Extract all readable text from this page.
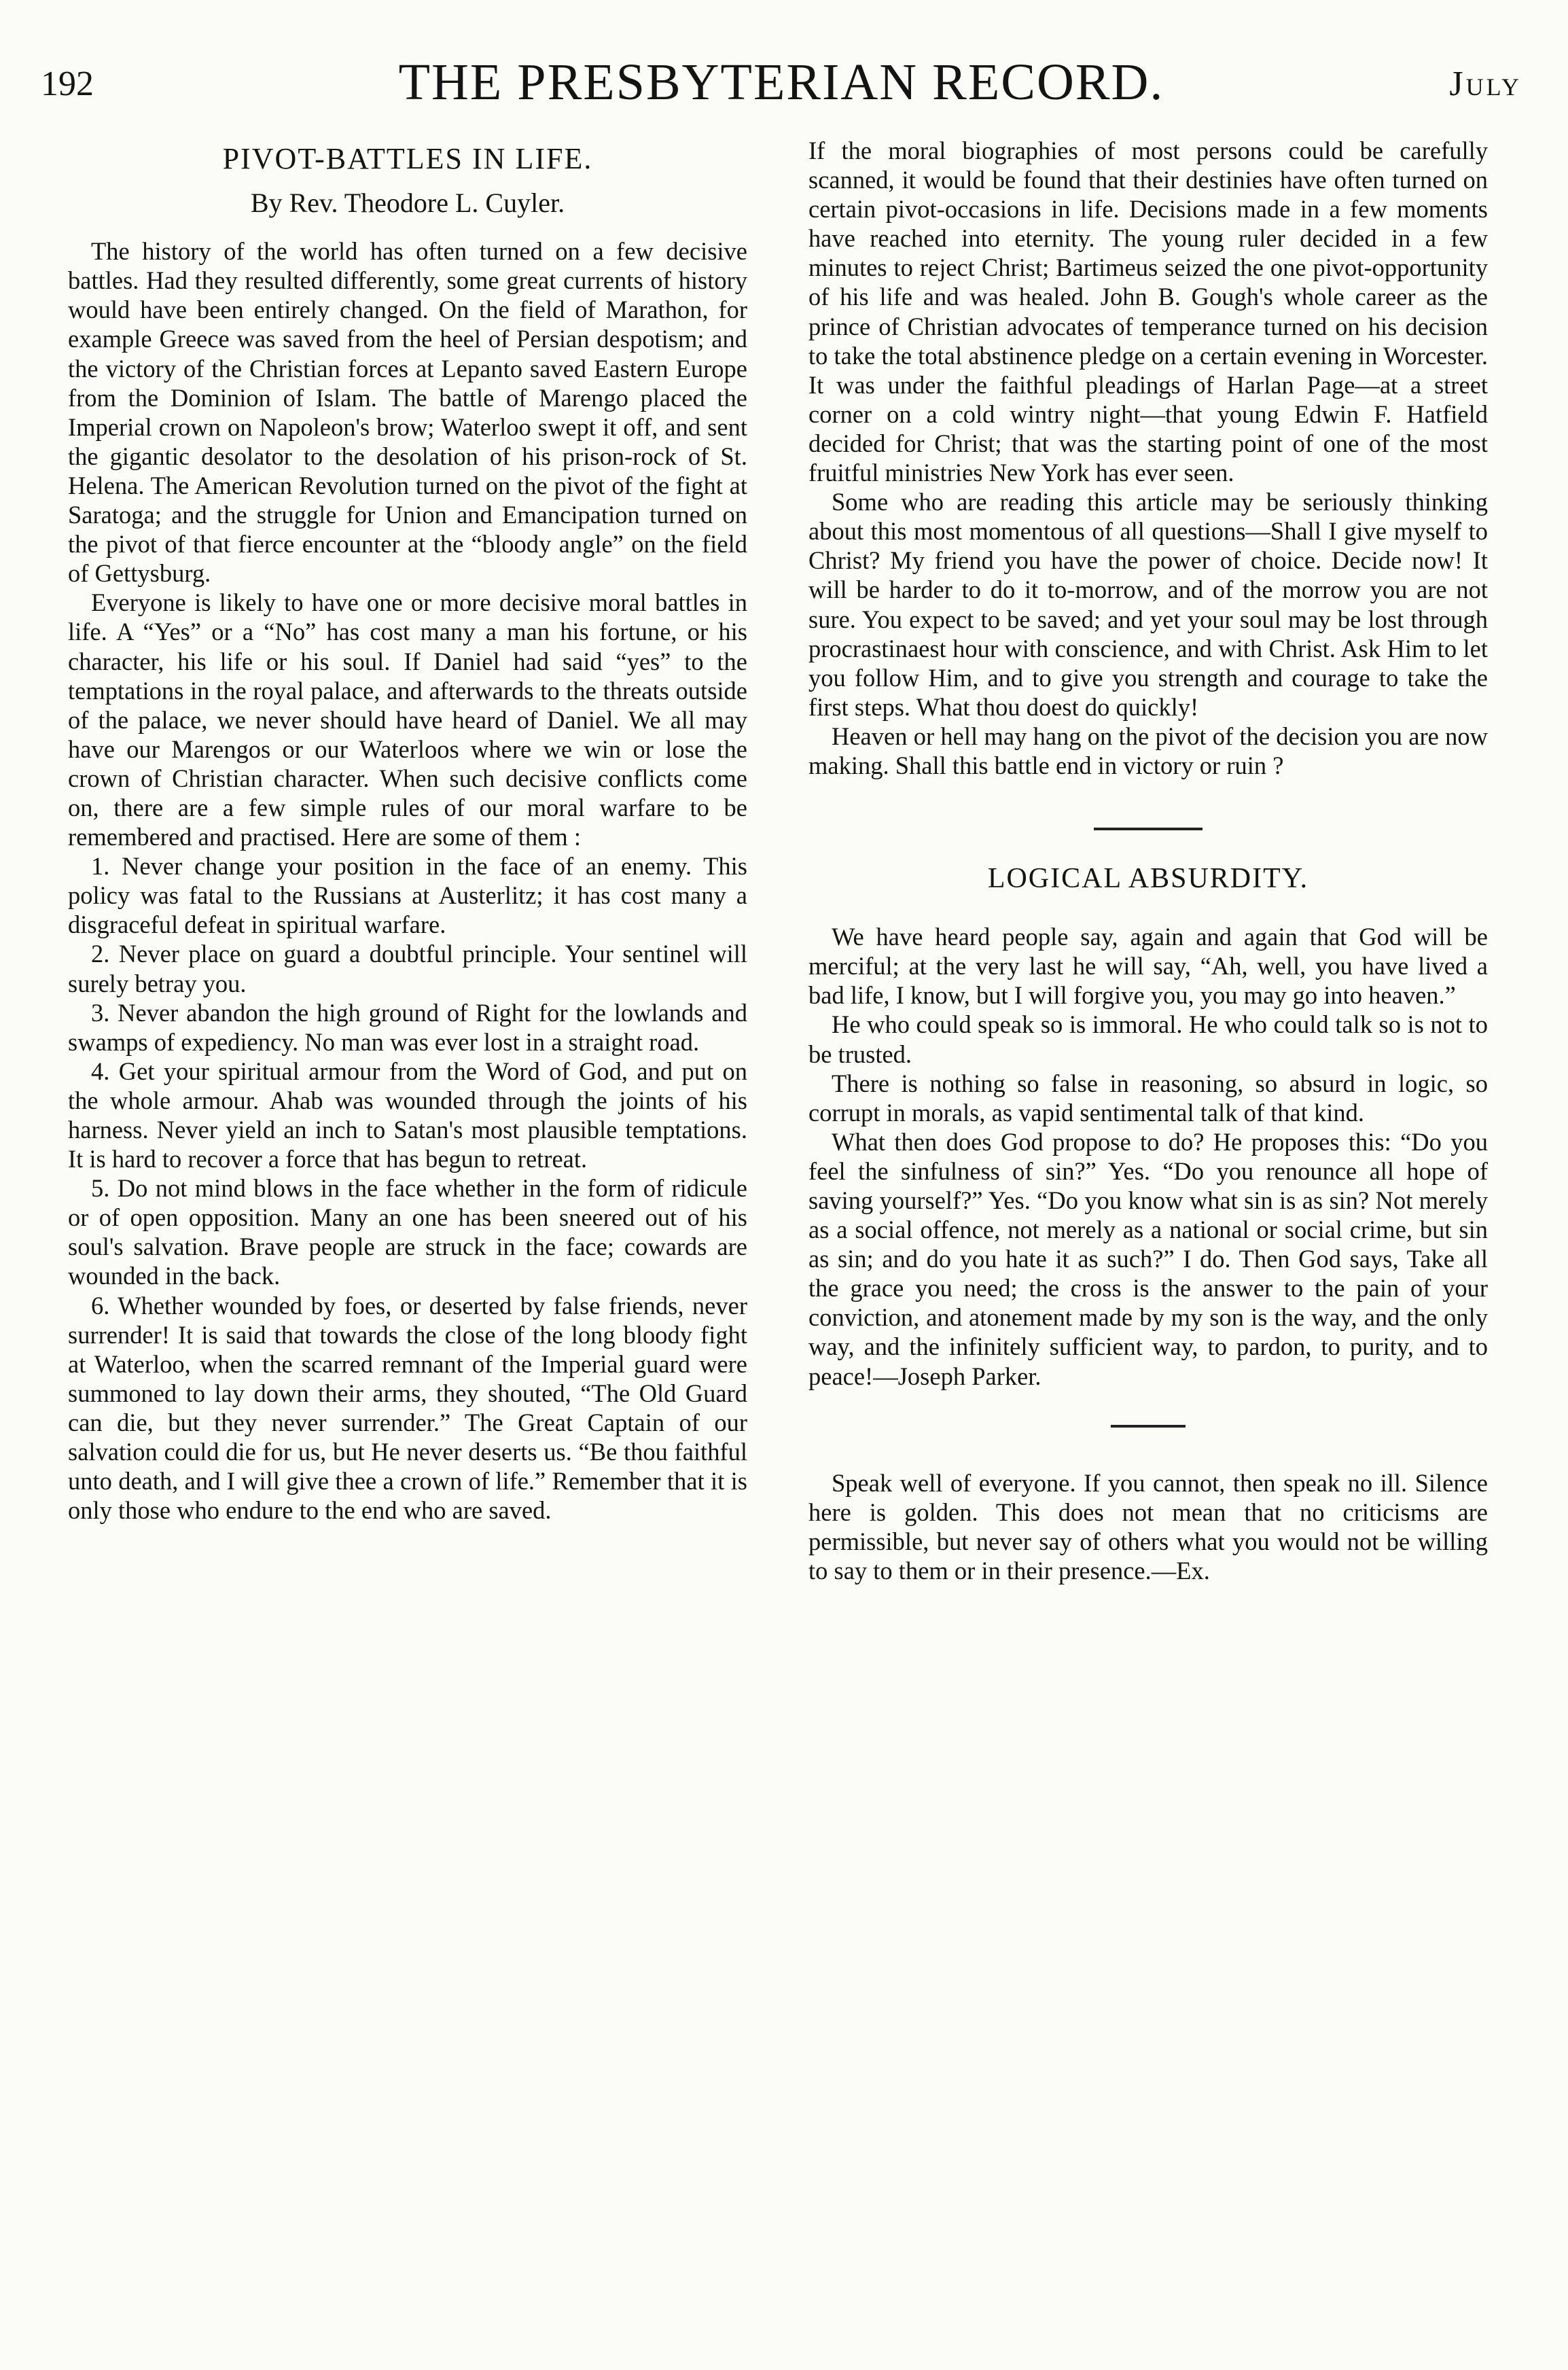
192	THE PRESBYTERIAN RECORD.	July
PIVOT-BATTLES IN LIFE.
By Rev. Theodore L. Cuyler.

The history of the world has often turned on a few decisive battles. Had they resulted differently, some great currents of history would have been entirely changed. On the field of Marathon, for example Greece was saved from the heel of Persian despotism; and the victory of the Christian forces at Lepanto saved Eastern Europe from the Dominion of Islam. The battle of Marengo placed the Imperial crown on Napoleon's brow; Waterloo swept it off, and sent the gigantic desolator to the desolation of his prison-rock of St. Helena. The American Revolution turned on the pivot of the fight at Saratoga; and the struggle for Union and Emancipation turned on the pivot of that fierce encounter at the “bloody angle” on the field of Gettysburg.

Everyone is likely to have one or more decisive moral battles in life. A “Yes” or a “No” has cost many a man his fortune, or his character, his life or his soul. If Daniel had said “yes” to the temptations in the royal palace, and afterwards to the threats outside of the palace, we never should have heard of Daniel. We all may have our Marengos or our Waterloos where we win or lose the crown of Christian character. When such decisive conflicts come on, there are a few simple rules of our moral warfare to be remembered and practised. Here are some of them :

1. Never change your position in the face of an enemy. This policy was fatal to the Russians at Austerlitz; it has cost many a disgraceful defeat in spiritual warfare.

2. Never place on guard a doubtful principle. Your sentinel will surely betray you.

3. Never abandon the high ground of Right for the lowlands and swamps of expediency. No man was ever lost in a straight road.

4. Get your spiritual armour from the Word of God, and put on the whole armour. Ahab was wounded through the joints of his harness. Never yield an inch to Satan's most plausible temptations. It is hard to recover a force that has begun to retreat.

5. Do not mind blows in the face whether in the form of ridicule or of open opposition. Many an one has been sneered out of his soul's salvation. Brave people are struck in the face; cowards are wounded in the back.

6. Whether wounded by foes, or deserted by false friends, never surrender! It is said that towards the close of the long bloody fight at Waterloo, when the scarred remnant of the Imperial guard were summoned to lay down their arms, they shouted, “The Old Guard can die, but they never surrender.” The Great Captain of our salvation could die for us, but He never deserts us. “Be thou faithful unto death, and I will give thee a crown of life.” Remember that it is only those who endure to the end who are saved.

If the moral biographies of most persons could be carefully scanned, it would be found that their destinies have often turned on certain pivot-occasions in life. Decisions made in a few moments have reached into eternity. The young ruler decided in a few minutes to reject Christ; Bartimeus seized the one pivot-opportunity of his life and was healed. John B. Gough's whole career as the prince of Christian advocates of temperance turned on his decision to take the total abstinence pledge on a certain evening in Worcester. It was under the faithful pleadings of Harlan Page—at a street corner on a cold wintry night—that young Edwin F. Hatfield decided for Christ; that was the starting point of one of the most fruitful ministries New York has ever seen.

Some who are reading this article may be seriously thinking about this most momentous of all questions—Shall I give myself to Christ? My friend you have the power of choice. Decide now! It will be harder to do it to-morrow, and of the morrow you are not sure. You expect to be saved; and yet your soul may be lost through procrastinaest hour with conscience, and with Christ. Ask Him to let you follow Him, and to give you strength and courage to take the first steps. What thou doest do quickly!

Heaven or hell may hang on the pivot of the decision you are now making. Shall this battle end in victory or ruin ?

LOGICAL ABSURDITY.

We have heard people say, again and again that God will be merciful; at the very last he will say, “Ah, well, you have lived a bad life, I know, but I will forgive you, you may go into heaven.”

He who could speak so is immoral. He who could talk so is not to be trusted.

There is nothing so false in reasoning, so absurd in logic, so corrupt in morals, as vapid sentimental talk of that kind.

What then does God propose to do? He proposes this: “Do you feel the sinfulness of sin?” Yes. “Do you renounce all hope of saving yourself?” Yes. “Do you know what sin is as sin? Not merely as a social offence, not merely as a national or social crime, but sin as sin; and do you hate it as such?” I do. Then God says, Take all the grace you need; the cross is the answer to the pain of your conviction, and atonement made by my son is the way, and the only way, and the infinitely sufficient way, to pardon, to purity, and to peace!—Joseph Parker.

Speak well of everyone. If you cannot, then speak no ill. Silence here is golden. This does not mean that no criticisms are permissible, but never say of others what you would not be willing to say to them or in their presence.—Ex.
